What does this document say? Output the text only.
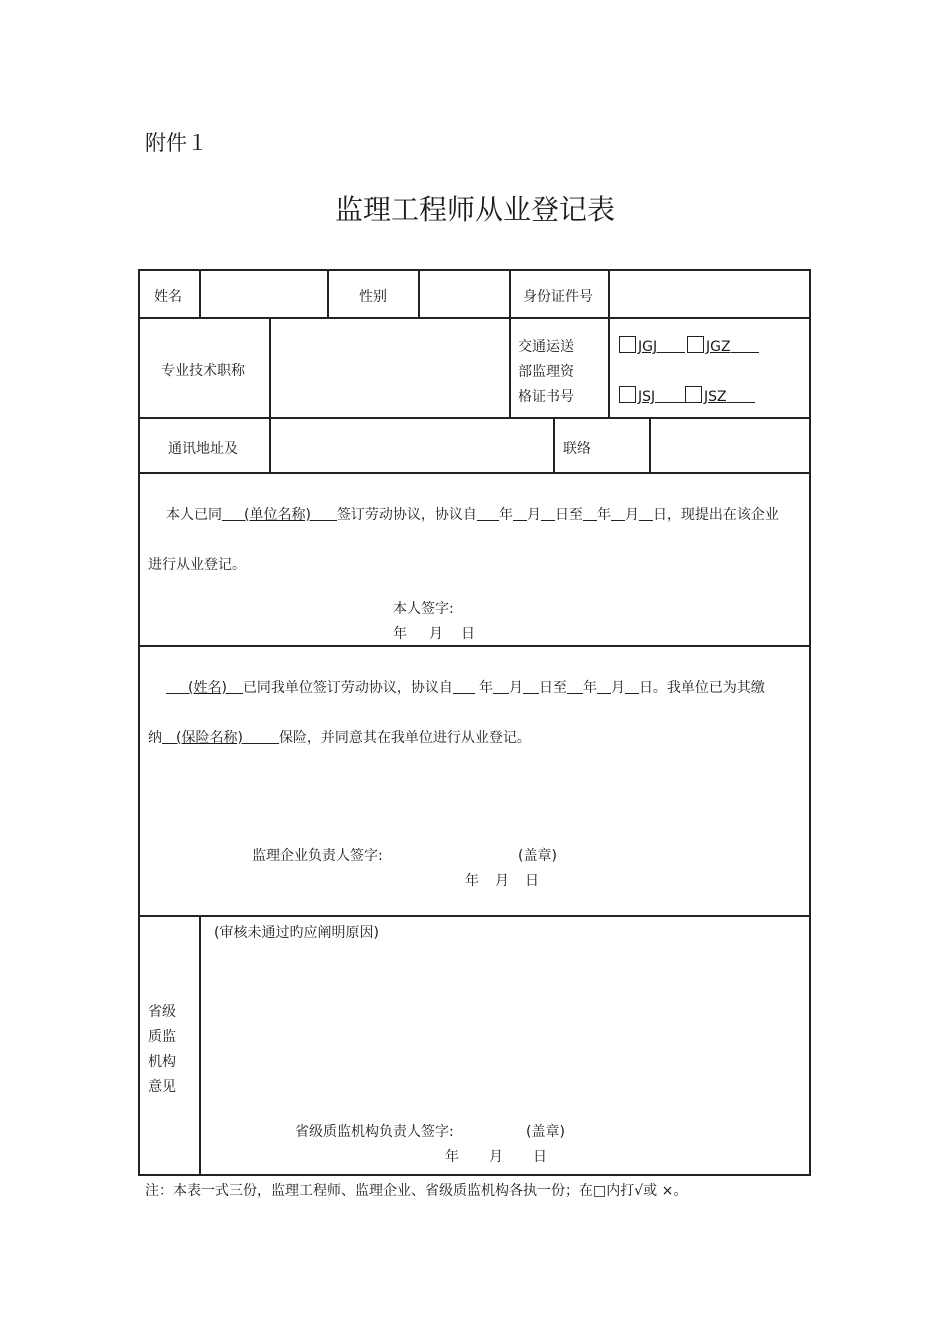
附件１
监理工程师从业登记表
姓名	性别	身份证件号
专业技术职称
交通运送
部监理资
格证书号
JGJ	JGZ
JSJ	JSZ
通讯地址及	联络
本人已同 (单位名称) 签订劳动协议，协议自 年 月 日至 年 月 日，现提出在该企业
进行从业登记。
本人签字:
年 月 日
(姓名) 已同我单位签订劳动协议，协议自 年 月 日至 年 月 日。我单位已为其缴
纳 (保险名称)	保险，并同意其在我单位进行从业登记。
监理企业负责人签字:	(盖章)
年 月 日
省级
质监
机构
意见
(审核未通过旳应阐明原因)
省级质监机构负责人签字:	(盖章)
年 月 日
注：本表一式三份，监理工程师、监理企业、省级质监机构各执一份；在□内打√或 ×。
